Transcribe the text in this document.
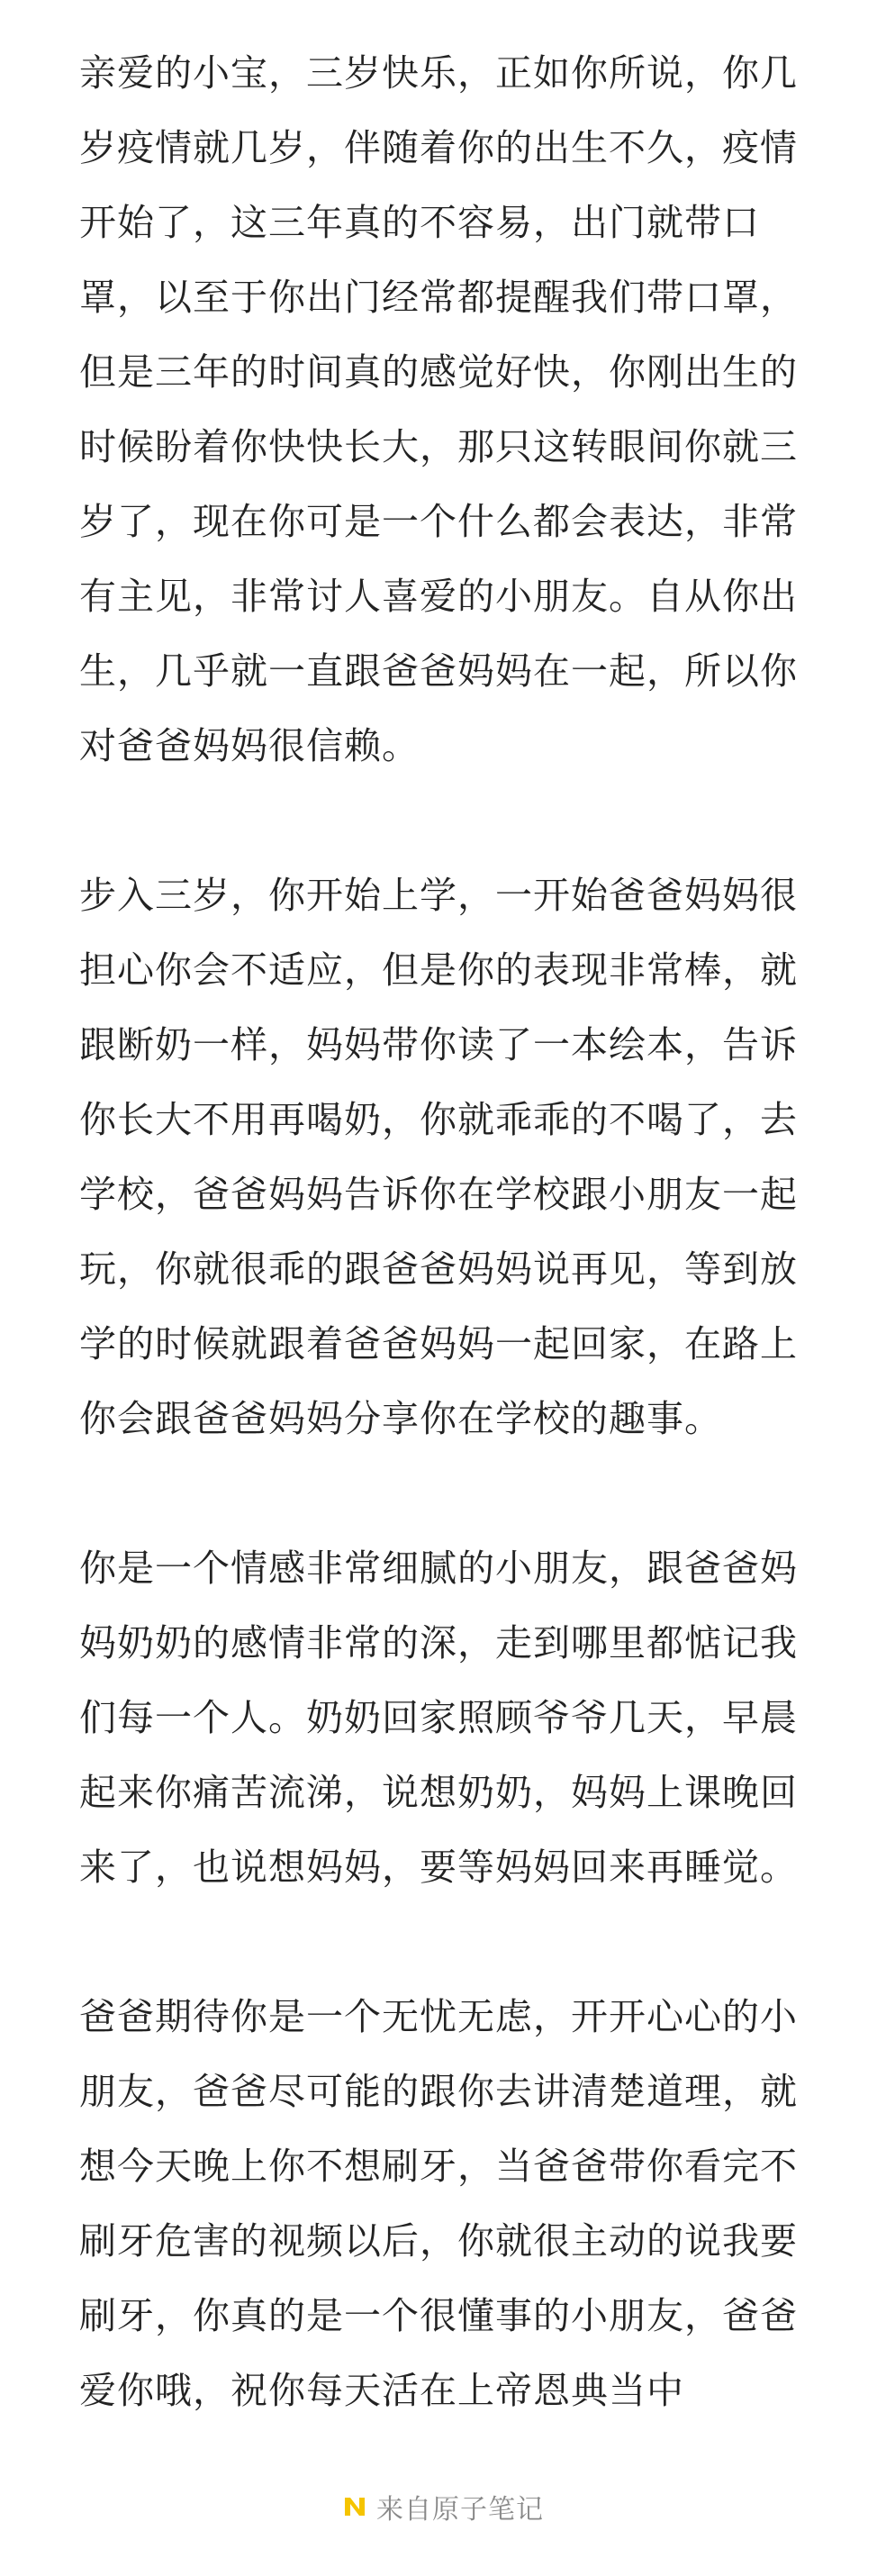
亲爱的小宝，三岁快乐，正如你所说，你几
岁疫情就几岁，伴随着你的出生不久，疫情
开始了，这三年真的不容易，出门就带口
罩，以至于你出门经常都提醒我们带口罩，
但是三年的时间真的感觉好快，你刚出生的
时候盼着你快快长大，那只这转眼间你就三
岁了，现在你可是一个什么都会表达，非常
有主见，非常讨人喜爱的小朋友。自从你出
生，几乎就一直跟爸爸妈妈在一起，所以你
对爸爸妈妈很信赖。

步入三岁，你开始上学，一开始爸爸妈妈很
担心你会不适应，但是你的表现非常棒，就
跟断奶一样，妈妈带你读了一本绘本，告诉
你长大不用再喝奶，你就乖乖的不喝了，去
学校，爸爸妈妈告诉你在学校跟小朋友一起
玩，你就很乖的跟爸爸妈妈说再见，等到放
学的时候就跟着爸爸妈妈一起回家，在路上
你会跟爸爸妈妈分享你在学校的趣事。

你是一个情感非常细腻的小朋友，跟爸爸妈
妈奶奶的感情非常的深，走到哪里都惦记我
们每一个人。奶奶回家照顾爷爷几天，早晨
起来你痛苦流涕，说想奶奶，妈妈上课晚回
来了，也说想妈妈，要等妈妈回来再睡觉。

爸爸期待你是一个无忧无虑，开开心心的小
朋友，爸爸尽可能的跟你去讲清楚道理，就
想今天晚上你不想刷牙，当爸爸带你看完不
刷牙危害的视频以后，你就很主动的说我要
刷牙，你真的是一个很懂事的小朋友，爸爸
爱你哦，祝你每天活在上帝恩典当中

来自原子笔记
